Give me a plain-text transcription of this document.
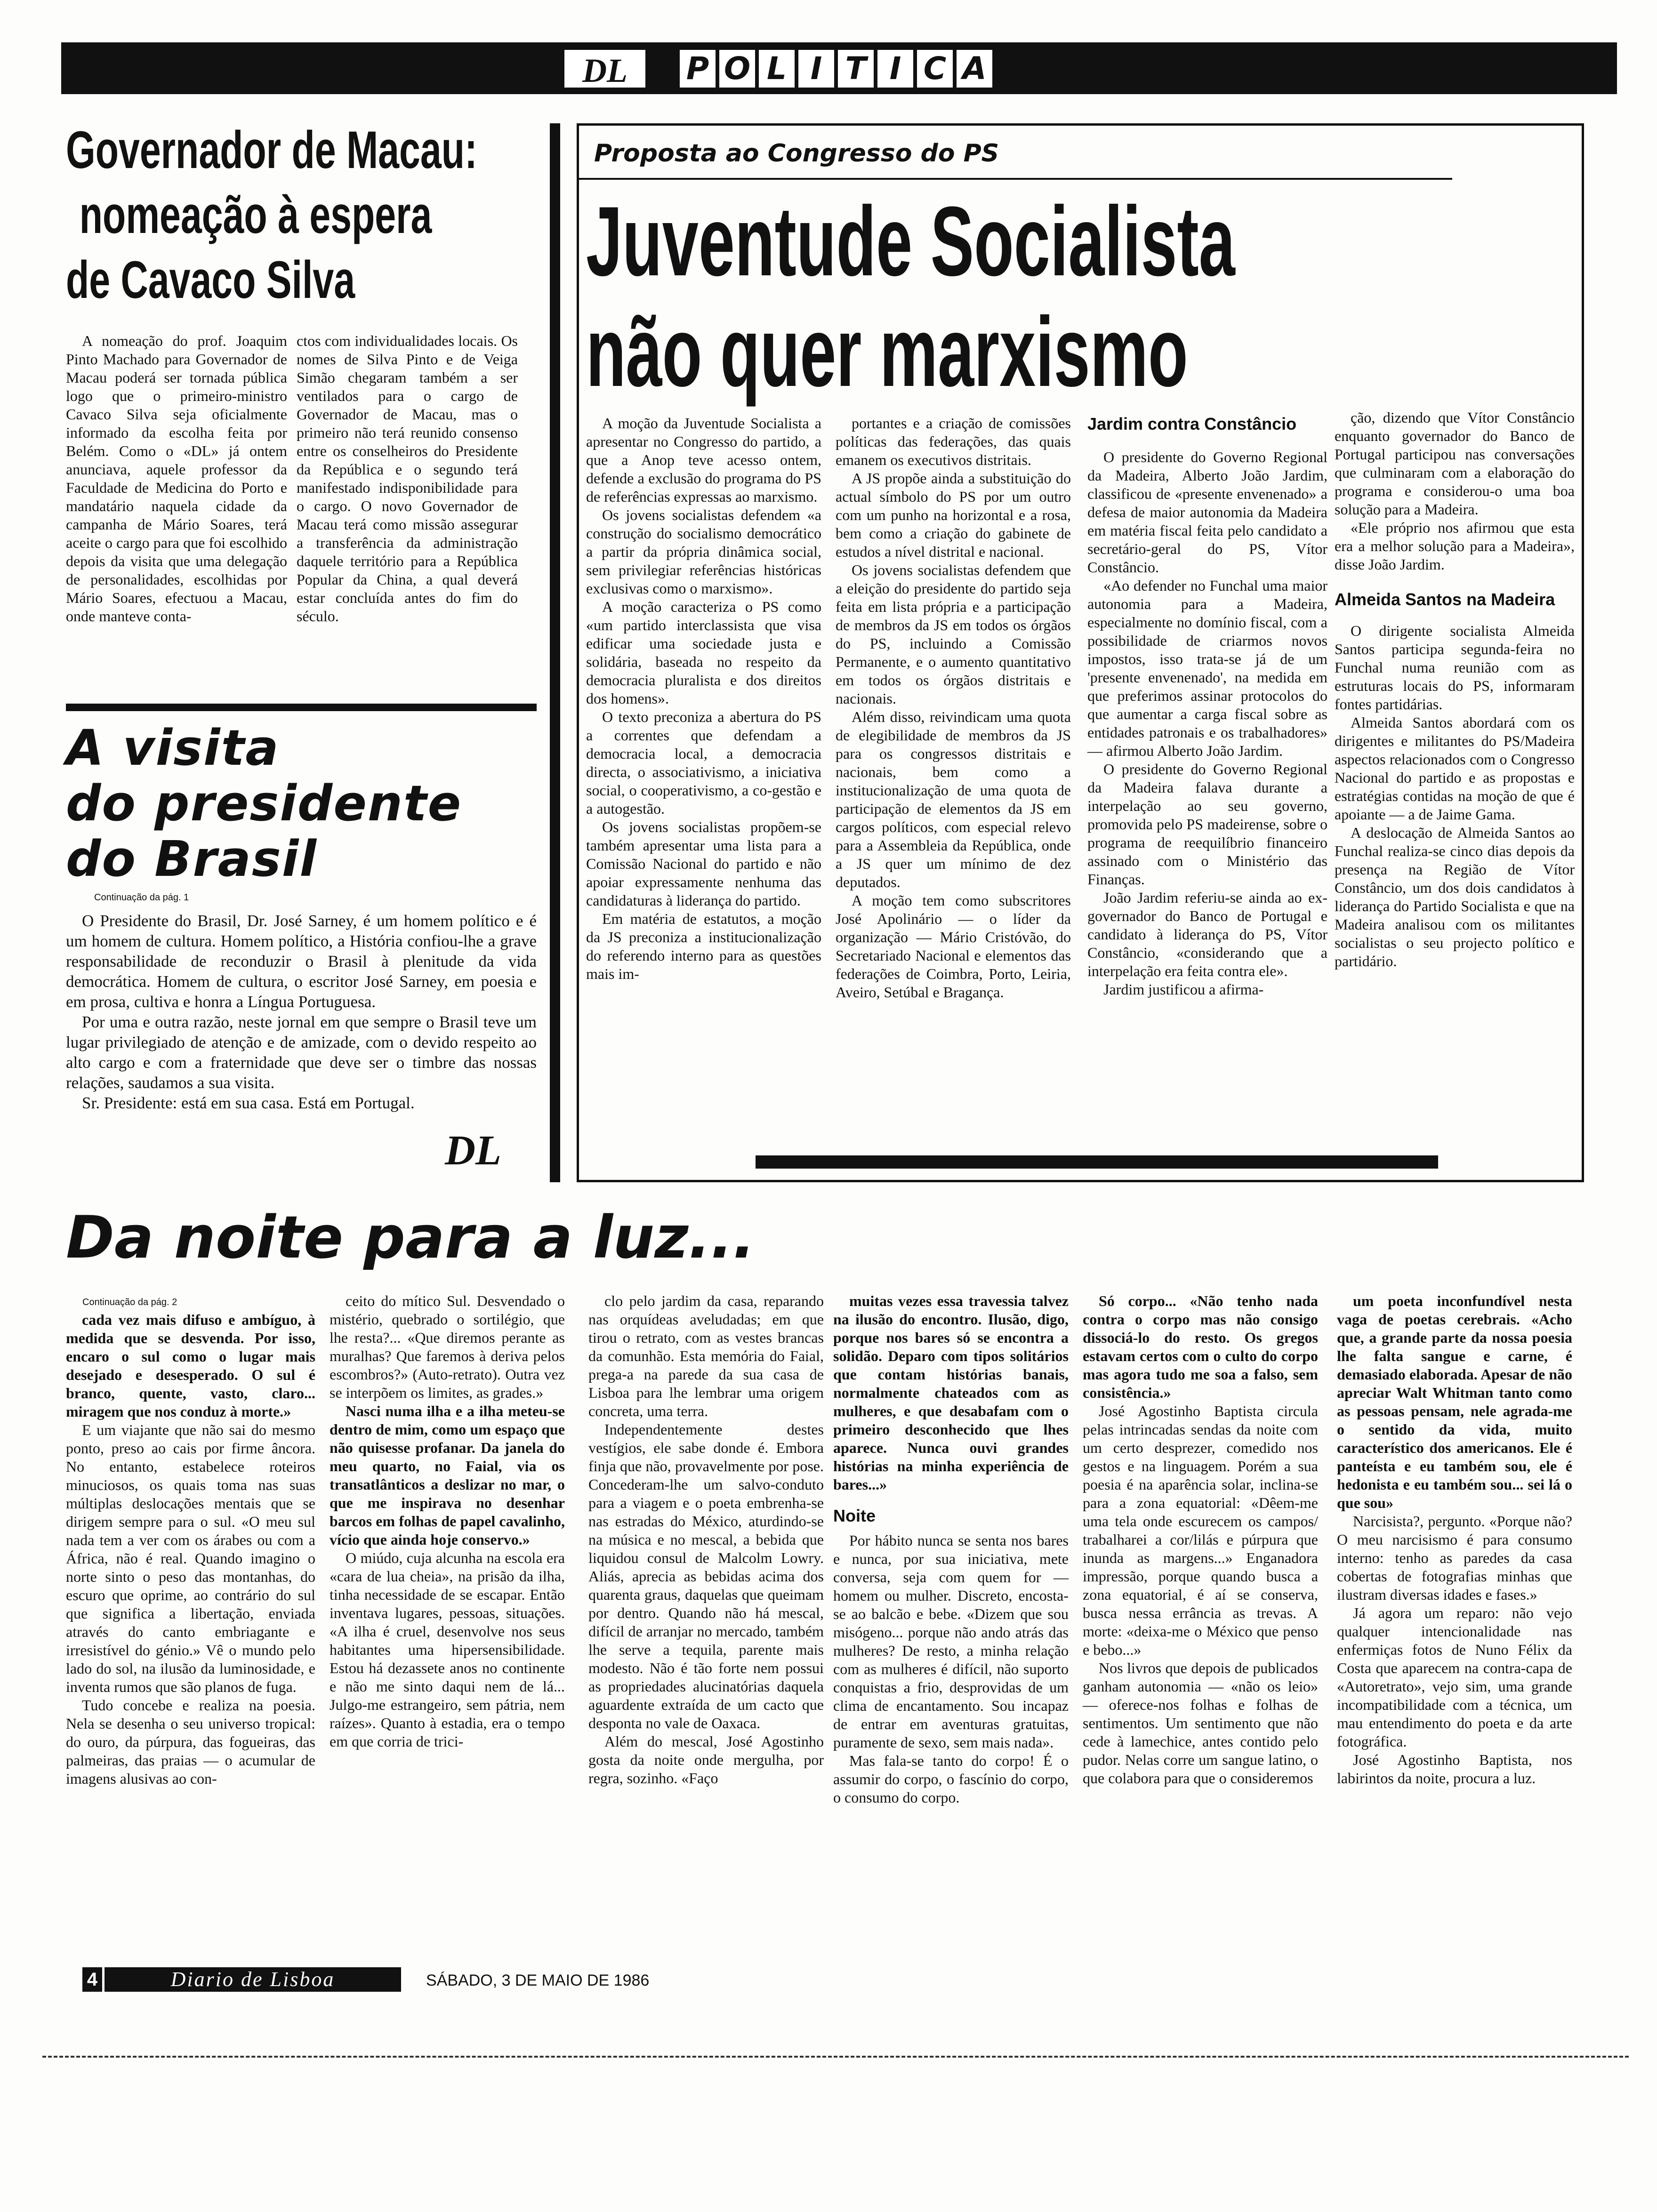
DL	P O L I T I C A
Governador de Macau:
nomeação à espera
de Cavaco Silva
A nomeação do prof. Joaquim Pinto Machado para Governador de Macau poderá ser tornada pública logo que o primeiro-ministro Cavaco Silva seja oficialmente informado da escolha feita por Belém. Como o «DL» já ontem anunciava, aquele professor da Faculdade de Medicina do Porto e mandatário naquela cidade da campanha de Mário Soares, terá aceite o cargo para que foi escolhido depois da visita que uma delegação de personalidades, escolhidas por Mário Soares, efectuou a Macau, onde manteve conta-
ctos com individualidades locais. Os nomes de Silva Pinto e de Veiga Simão chegaram também a ser ventilados para o cargo de Governador de Macau, mas o primeiro não terá reunido consenso entre os conselheiros do Presidente da República e o segundo terá manifestado indisponibilidade para o cargo. O novo Governador de Macau terá como missão assegurar a transferência da administração daquele território para a República Popular da China, a qual deverá estar concluída antes do fim do século.
A visita
do presidente
do Brasil
Continuação da pág. 1

O Presidente do Brasil, Dr. José Sarney, é um homem político e é um homem de cultura. Homem político, a História confiou-lhe a grave responsabilidade de reconduzir o Brasil à plenitude da vida democrática. Homem de cultura, o escritor José Sarney, em poesia e em prosa, cultiva e honra a Língua Portuguesa.

Por uma e outra razão, neste jornal em que sempre o Brasil teve um lugar privilegiado de atenção e de amizade, com o devido respeito ao alto cargo e com a fraternidade que deve ser o timbre das nossas relações, saudamos a sua visita.

Sr. Presidente: está em sua casa. Está em Portugal.

DL
Proposta ao Congresso do PS
Juventude Socialista
não quer marxismo

A moção da Juventude Socialista a apresentar no Congresso do partido, a que a Anop teve acesso ontem, defende a exclusão do programa do PS de referências expressas ao marxismo.

Os jovens socialistas defendem «a construção do socialismo democrático a partir da própria dinâmica social, sem privilegiar referências históricas exclusivas como o marxismo».

A moção caracteriza o PS como «um partido interclassista que visa edificar uma sociedade justa e solidária, baseada no respeito da democracia pluralista e dos direitos dos homens».

O texto preconiza a abertura do PS a correntes que defendam a democracia local, a democracia directa, o associativismo, a iniciativa social, o cooperativismo, a co-gestão e a autogestão.

Os jovens socialistas propõem-se também apresentar uma lista para a Comissão Nacional do partido e não apoiar expressamente nenhuma das candidaturas à liderança do partido.

Em matéria de estatutos, a moção da JS preconiza a institucionalização do referendo interno para as questões mais im-

portantes e a criação de comissões políticas das federações, das quais emanem os executivos distritais.

A JS propõe ainda a substituição do actual símbolo do PS por um outro com um punho na horizontal e a rosa, bem como a criação do gabinete de estudos a nível distrital e nacional.

Os jovens socialistas defendem que a eleição do presidente do partido seja feita em lista própria e a participação de membros da JS em todos os órgãos do PS, incluindo a Comissão Permanente, e o aumento quantitativo em todos os órgãos distritais e nacionais.

Além disso, reivindicam uma quota de elegibilidade de membros da JS para os congressos distritais e nacionais, bem como a institucionalização de uma quota de participação de elementos da JS em cargos políticos, com especial relevo para a Assembleia da República, onde a JS quer um mínimo de dez deputados.

A moção tem como subscritores José Apolinário — o líder da organização — Mário Cristóvão, do Secretariado Nacional e elementos das federações de Coimbra, Porto, Leiria, Aveiro, Setúbal e Bragança.

Jardim contra Constâncio

O presidente do Governo Regional da Madeira, Alberto João Jardim, classificou de «presente envenenado» a defesa de maior autonomia da Madeira em matéria fiscal feita pelo candidato a secretário-geral do PS, Vítor Constâncio.

«Ao defender no Funchal uma maior autonomia para a Madeira, especialmente no domínio fiscal, com a possibilidade de criarmos novos impostos, isso trata-se já de um 'presente envenenado', na medida em que preferimos assinar protocolos do que aumentar a carga fiscal sobre as entidades patronais e os trabalhadores» — afirmou Alberto João Jardim.

O presidente do Governo Regional da Madeira falava durante a interpelação ao seu governo, promovida pelo PS madeirense, sobre o programa de reequilíbrio financeiro assinado com o Ministério das Finanças.

João Jardim referiu-se ainda ao ex-governador do Banco de Portugal e candidato à liderança do PS, Vítor Constâncio, «considerando que a interpelação era feita contra ele».

Jardim justificou a afirma-

ção, dizendo que Vítor Constâncio enquanto governador do Banco de Portugal participou nas conversações que culminaram com a elaboração do programa e considerou-o uma boa solução para a Madeira.

«Ele próprio nos afirmou que esta era a melhor solução para a Madeira», disse João Jardim.

Almeida Santos na Madeira

O dirigente socialista Almeida Santos participa segunda-feira no Funchal numa reunião com as estruturas locais do PS, informaram fontes partidárias.

Almeida Santos abordará com os dirigentes e militantes do PS/Madeira aspectos relacionados com o Congresso Nacional do partido e as propostas e estratégias contidas na moção de que é apoiante — a de Jaime Gama.

A deslocação de Almeida Santos ao Funchal realiza-se cinco dias depois da presença na Região de Vítor Constâncio, um dos dois candidatos à liderança do Partido Socialista e que na Madeira analisou com os militantes socialistas o seu projecto político e partidário.

Da noite para a luz...
Continuação da pág. 2

cada vez mais difuso e ambíguo, à medida que se desvenda. Por isso, encaro o sul como o lugar mais desejado e desesperado. O sul é branco, quente, vasto, claro... miragem que nos conduz à morte.»

E um viajante que não sai do mesmo ponto, preso ao cais por firme âncora. No entanto, estabelece roteiros minuciosos, os quais toma nas suas múltiplas deslocações mentais que se dirigem sempre para o sul. «O meu sul nada tem a ver com os árabes ou com a África, não é real. Quando imagino o norte sinto o peso das montanhas, do escuro que oprime, ao contrário do sul que significa a libertação, enviada através do canto embriagante e irresistível do génio.» Vê o mundo pelo lado do sol, na ilusão da luminosidade, e inventa rumos que são planos de fuga.

Tudo concebe e realiza na poesia. Nela se desenha o seu universo tropical: do ouro, da púrpura, das fogueiras, das palmeiras, das praias — o acumular de imagens alusivas ao con-

ceito do mítico Sul. Desvendado o mistério, quebrado o sortilégio, que lhe resta?... «Que diremos perante as muralhas? Que faremos à deriva pelos escombros?» (Auto-retrato). Outra vez se interpõem os limites, as grades.»

Nasci numa ilha e a ilha meteu-se dentro de mim, como um espaço que não quisesse profanar. Da janela do meu quarto, no Faial, via os transatlânticos a deslizar no mar, o que me inspirava no desenhar barcos em folhas de papel cavalinho, vício que ainda hoje conservo.»

O miúdo, cuja alcunha na escola era «cara de lua cheia», na prisão da ilha, tinha necessidade de se escapar. Então inventava lugares, pessoas, situações. «A ilha é cruel, desenvolve nos seus habitantes uma hipersensibilidade. Estou há dezassete anos no continente e não me sinto daqui nem de lá... Julgo-me estrangeiro, sem pátria, nem raízes». Quanto à estadia, era o tempo em que corria de trici-

clo pelo jardim da casa, reparando nas orquídeas aveludadas; em que tirou o retrato, com as vestes brancas da comunhão. Esta memória do Faial, prega-a na parede da sua casa de Lisboa para lhe lembrar uma origem concreta, uma terra.

Independentemente destes vestígios, ele sabe donde é. Embora finja que não, provavelmente por pose. Concederam-lhe um salvo-conduto para a viagem e o poeta embrenha-se nas estradas do México, aturdindo-se na música e no mescal, a bebida que liquidou consul de Malcolm Lowry. Aliás, aprecia as bebidas acima dos quarenta graus, daquelas que queimam por dentro. Quando não há mescal, difícil de arranjar no mercado, também lhe serve a tequila, parente mais modesto. Não é tão forte nem possui as propriedades alucinatórias daquela aguardente extraída de um cacto que desponta no vale de Oaxaca.

Além do mescal, José Agostinho gosta da noite onde mergulha, por regra, sozinho. «Faço

muitas vezes essa travessia talvez na ilusão do encontro. Ilusão, digo, porque nos bares só se encontra a solidão. Deparo com tipos solitários que contam histórias banais, normalmente chateados com as mulheres, e que desabafam com o primeiro desconhecido que lhes aparece. Nunca ouvi grandes histórias na minha experiência de bares...»

Noite

Por hábito nunca se senta nos bares e nunca, por sua iniciativa, mete conversa, seja com quem for — homem ou mulher. Discreto, encosta-se ao balcão e bebe. «Dizem que sou misógeno... porque não ando atrás das mulheres? De resto, a minha relação com as mulheres é difícil, não suporto conquistas a frio, desprovidas de um clima de encantamento. Sou incapaz de entrar em aventuras gratuitas, puramente de sexo, sem mais nada».

Mas fala-se tanto do corpo! É o assumir do corpo, o fascínio do corpo, o consumo do corpo.

Só corpo... «Não tenho nada contra o corpo mas não consigo dissociá-lo do resto. Os gregos estavam certos com o culto do corpo mas agora tudo me soa a falso, sem consistência.»

José Agostinho Baptista circula pelas intrincadas sendas da noite com um certo desprezer, comedido nos gestos e na linguagem. Porém a sua poesia é na aparência solar, inclina-se para a zona equatorial: «Dêem-me uma tela onde escurecem os campos/ trabalharei a cor/lilás e púrpura que inunda as margens...» Enganadora impressão, porque quando busca a zona equatorial, é aí se conserva, busca nessa errância as trevas. A morte: «deixa-me o México que penso e bebo...»

Nos livros que depois de publicados ganham autonomia — «não os leio» — oferece-nos folhas e folhas de sentimentos. Um sentimento que não cede à lamechice, antes contido pelo pudor. Nelas corre um sangue latino, o que colabora para que o consideremos

um poeta inconfundível nesta vaga de poetas cerebrais. «Acho que, a grande parte da nossa poesia lhe falta sangue e carne, é demasiado elaborada. Apesar de não apreciar Walt Whitman tanto como as pessoas pensam, nele agrada-me o sentido da vida, muito característico dos americanos. Ele é panteísta e eu também sou, ele é hedonista e eu também sou... sei lá o que sou»

Narcisista?, pergunto. «Porque não? O meu narcisismo é para consumo interno: tenho as paredes da casa cobertas de fotografias minhas que ilustram diversas idades e fases.»

Já agora um reparo: não vejo qualquer intencionalidade nas enfermiças fotos de Nuno Félix da Costa que aparecem na contra-capa de «Autoretrato», vejo sim, uma grande incompatibilidade com a técnica, um mau entendimento do poeta e da arte fotográfica.

José Agostinho Baptista, nos labirintos da noite, procura a luz.

4	Diario de Lisboa	SÁBADO, 3 DE MAIO DE 1986
